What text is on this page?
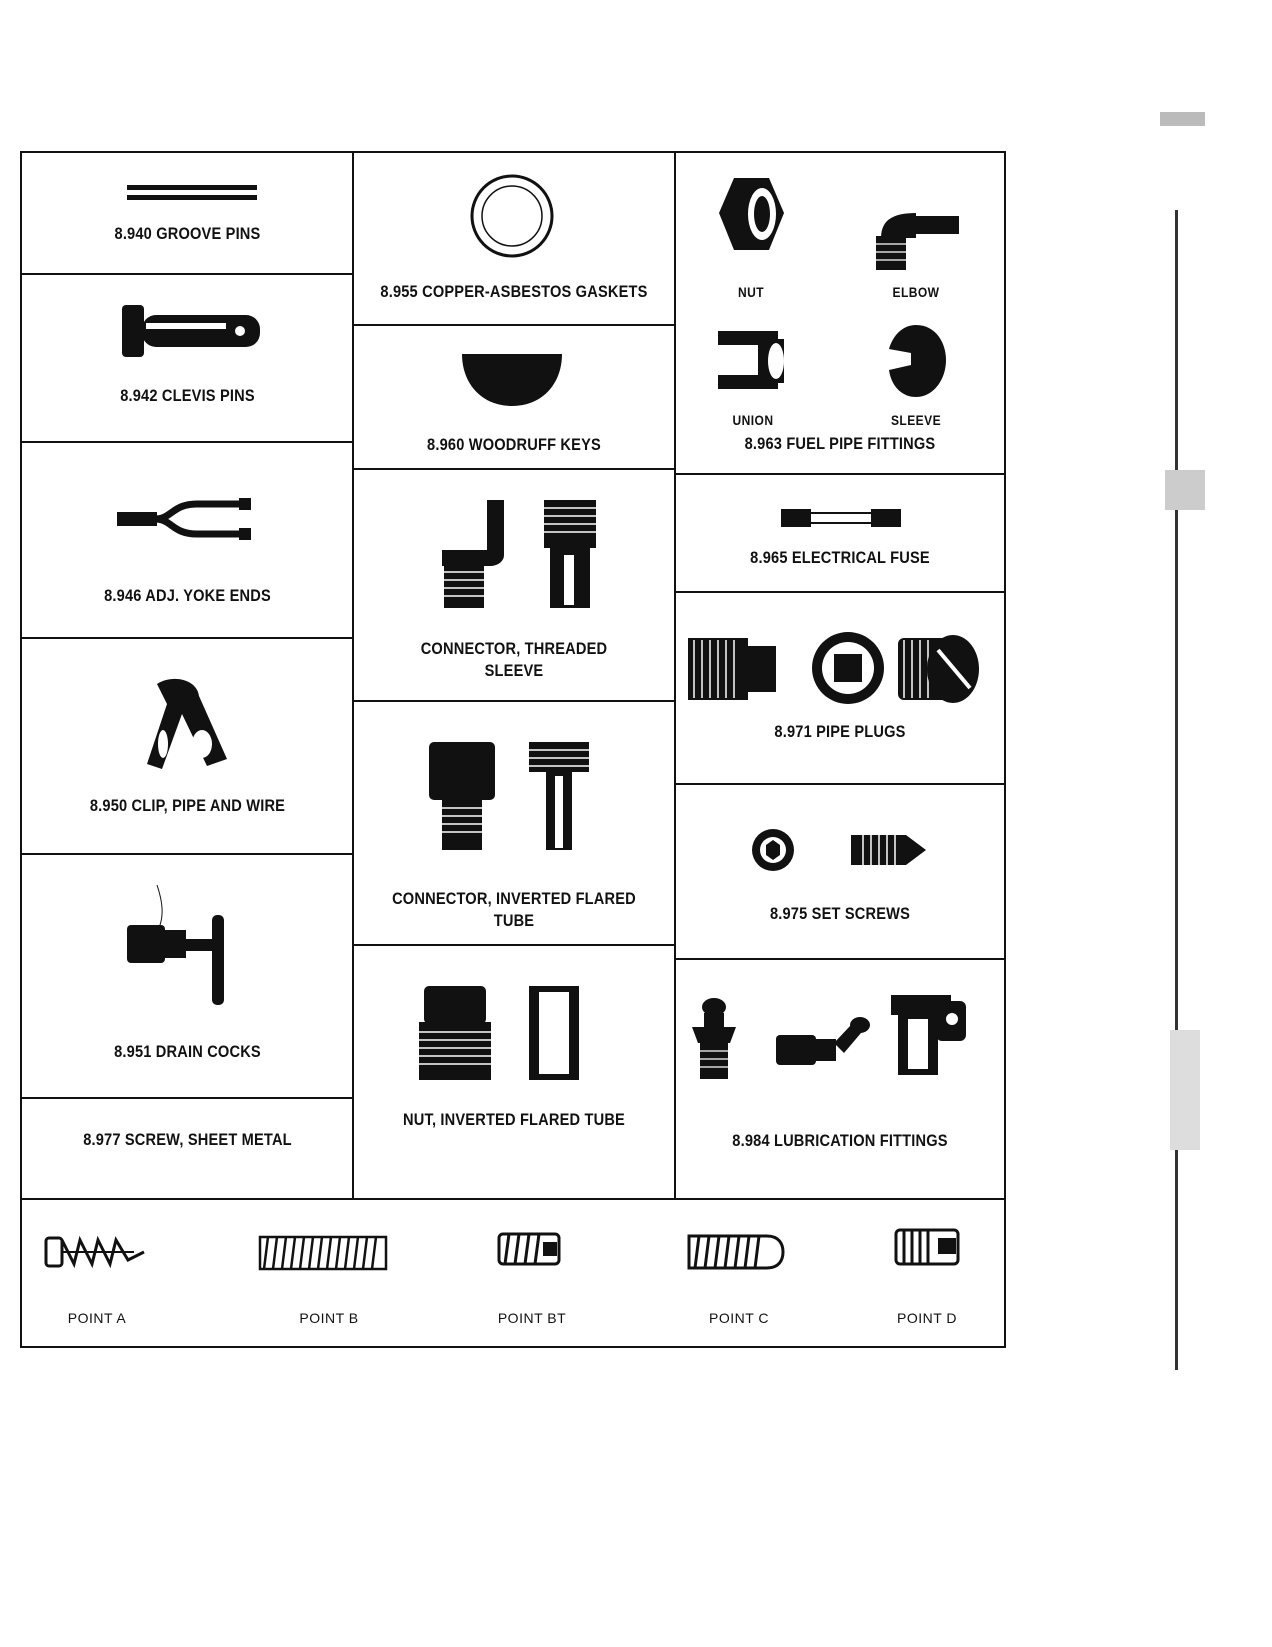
8.940 GROOVE PINS
8.942 CLEVIS PINS
8.946 ADJ. YOKE ENDS
8.950 CLIP, PIPE AND WIRE
8.951 DRAIN COCKS
8.977 SCREW, SHEET METAL
8.955 COPPER-ASBESTOS GASKETS
8.960 WOODRUFF KEYS
CONNECTOR, THREADED
SLEEVE
CONNECTOR, INVERTED FLARED TUBE
NUT, INVERTED FLARED TUBE
NUT	ELBOW
UNION	SLEEVE
8.963 FUEL PIPE FITTINGS
8.965 ELECTRICAL FUSE
8.971 PIPE PLUGS
8.975 SET SCREWS
8.984 LUBRICATION FITTINGS
POINT A	POINT B	POINT BT	POINT C	POINT D
